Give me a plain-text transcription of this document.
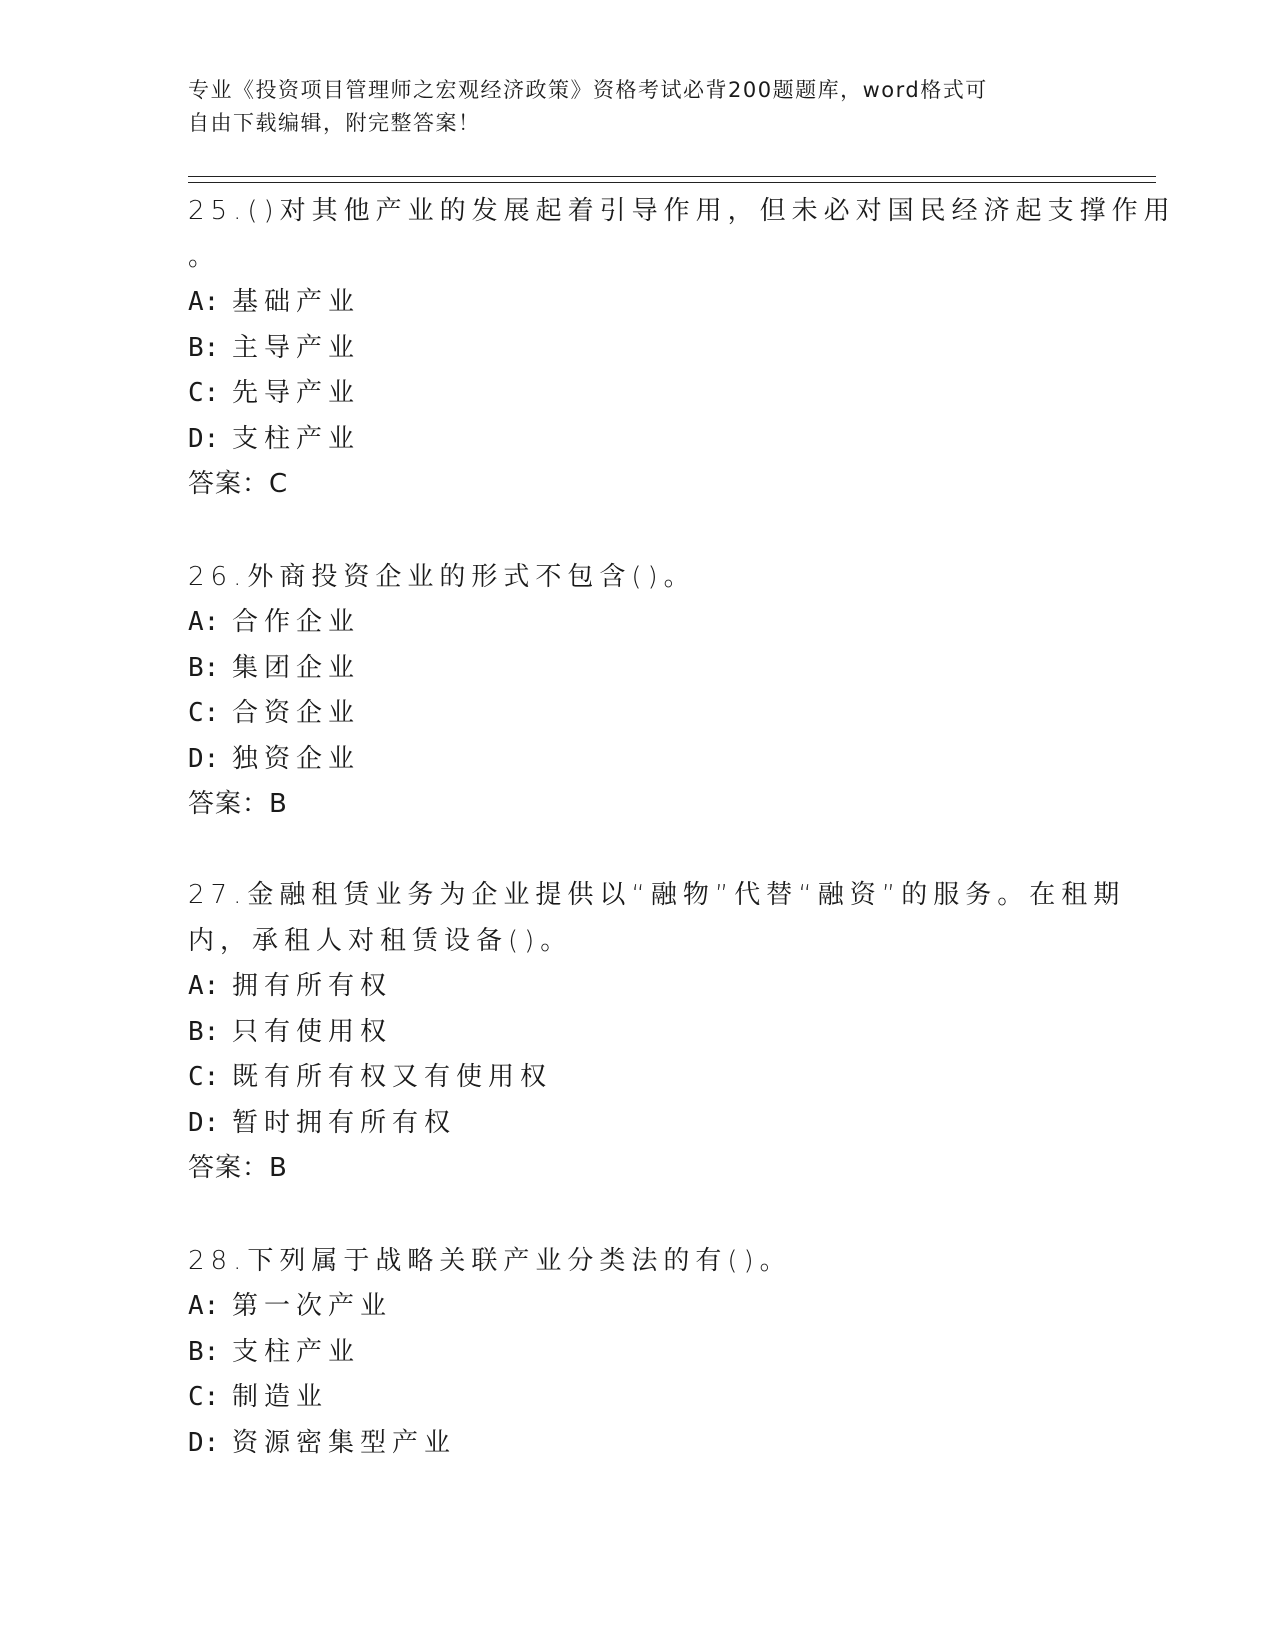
专业《投资项目管理师之宏观经济政策》资格考试必背200题题库，word格式可
自由下载编辑，附完整答案！
25.()对其他产业的发展起着引导作用，但未必对国民经济起支撑作用
。
A: 基础产业
B: 主导产业
C: 先导产业
D: 支柱产业
答案：C
26.外商投资企业的形式不包含()。
A: 合作企业
B: 集团企业
C: 合资企业
D: 独资企业
答案：B
27.金融租赁业务为企业提供以“融物”代替“融资”的服务。在租期
内，承租人对租赁设备()。
A: 拥有所有权
B: 只有使用权
C: 既有所有权又有使用权
D: 暂时拥有所有权
答案：B
28.下列属于战略关联产业分类法的有()。
A: 第一次产业
B: 支柱产业
C: 制造业
D: 资源密集型产业
